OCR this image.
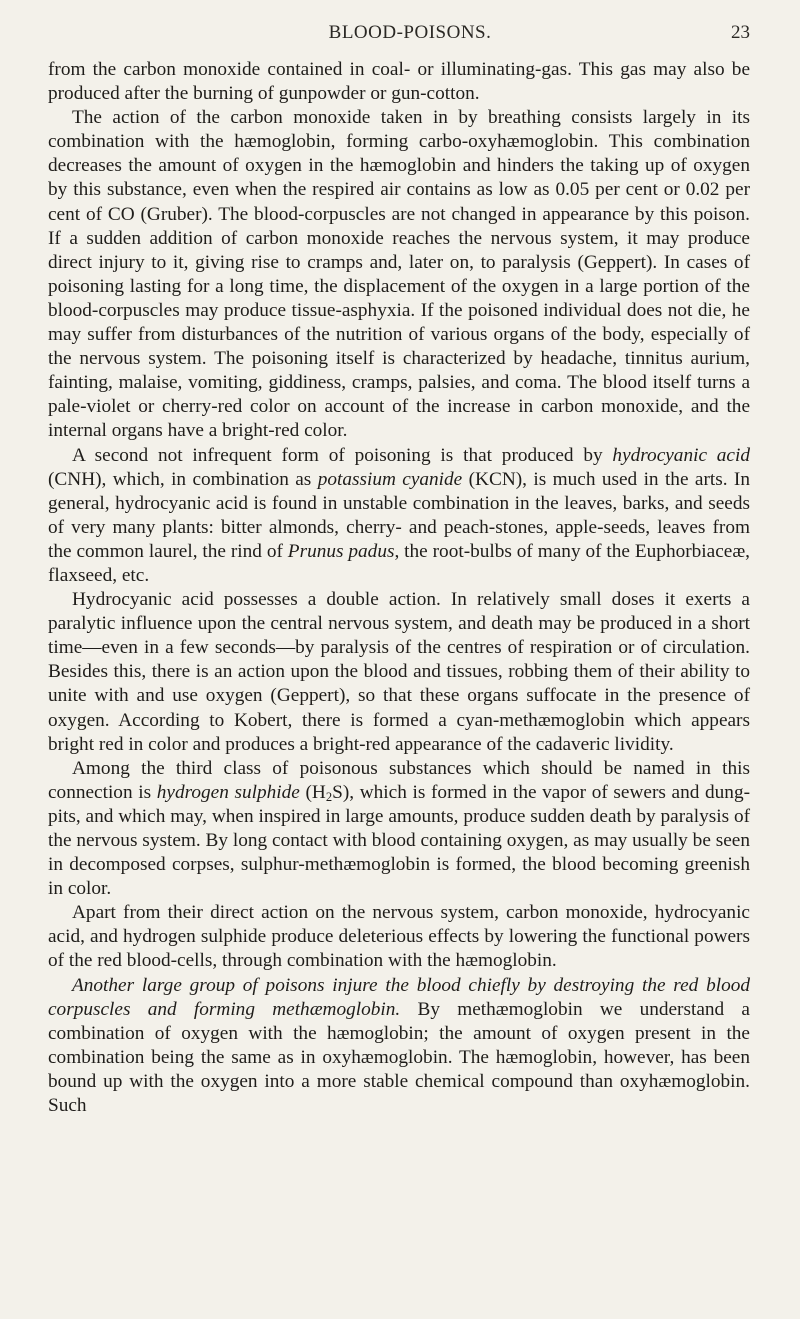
BLOOD-POISONS.	23

from the carbon monoxide contained in coal- or illuminating-gas. This gas may also be produced after the burning of gunpowder or gun-cotton.

The action of the carbon monoxide taken in by breathing consists largely in its combination with the hæmoglobin, forming carbo-oxyhæmoglobin. This combination decreases the amount of oxygen in the hæmoglobin and hinders the taking up of oxygen by this substance, even when the respired air contains as low as 0.05 per cent or 0.02 per cent of CO (Gruber). The blood-corpuscles are not changed in appearance by this poison. If a sudden addition of carbon monoxide reaches the nervous system, it may produce direct injury to it, giving rise to cramps and, later on, to paralysis (Geppert). In cases of poisoning lasting for a long time, the displacement of the oxygen in a large portion of the blood-corpuscles may produce tissue-asphyxia. If the poisoned individual does not die, he may suffer from disturbances of the nutrition of various organs of the body, especially of the nervous system. The poisoning itself is characterized by headache, tinnitus aurium, fainting, malaise, vomiting, giddiness, cramps, palsies, and coma. The blood itself turns a pale-violet or cherry-red color on account of the increase in carbon monoxide, and the internal organs have a bright-red color.

A second not infrequent form of poisoning is that produced by hydrocyanic acid (CNH), which, in combination as potassium cyanide (KCN), is much used in the arts. In general, hydrocyanic acid is found in unstable combination in the leaves, barks, and seeds of very many plants: bitter almonds, cherry- and peach-stones, apple-seeds, leaves from the common laurel, the rind of Prunus padus, the root-bulbs of many of the Euphorbiaceæ, flaxseed, etc.

Hydrocyanic acid possesses a double action. In relatively small doses it exerts a paralytic influence upon the central nervous system, and death may be produced in a short time—even in a few seconds—by paralysis of the centres of respiration or of circulation. Besides this, there is an action upon the blood and tissues, robbing them of their ability to unite with and use oxygen (Geppert), so that these organs suffocate in the presence of oxygen. According to Kobert, there is formed a cyan-methæmoglobin which appears bright red in color and produces a bright-red appearance of the cadaveric lividity.

Among the third class of poisonous substances which should be named in this connection is hydrogen sulphide $(H_2S)$, which is formed in the vapor of sewers and dung-pits, and which may, when inspired in large amounts, produce sudden death by paralysis of the nervous system. By long contact with blood containing oxygen, as may usually be seen in decomposed corpses, sulphur-methæmoglobin is formed, the blood becoming greenish in color.

Apart from their direct action on the nervous system, carbon monoxide, hydrocyanic acid, and hydrogen sulphide produce deleterious effects by lowering the functional powers of the red blood-cells, through combination with the hæmoglobin.

Another large group of poisons injure the blood chiefly by destroying the red blood corpuscles and forming methæmoglobin. By methæmoglobin we understand a combination of oxygen with the hæmoglobin; the amount of oxygen present in the combination being the same as in oxyhæmoglobin. The hæmoglobin, however, has been bound up with the oxygen into a more stable chemical compound than oxyhæmoglobin. Such
